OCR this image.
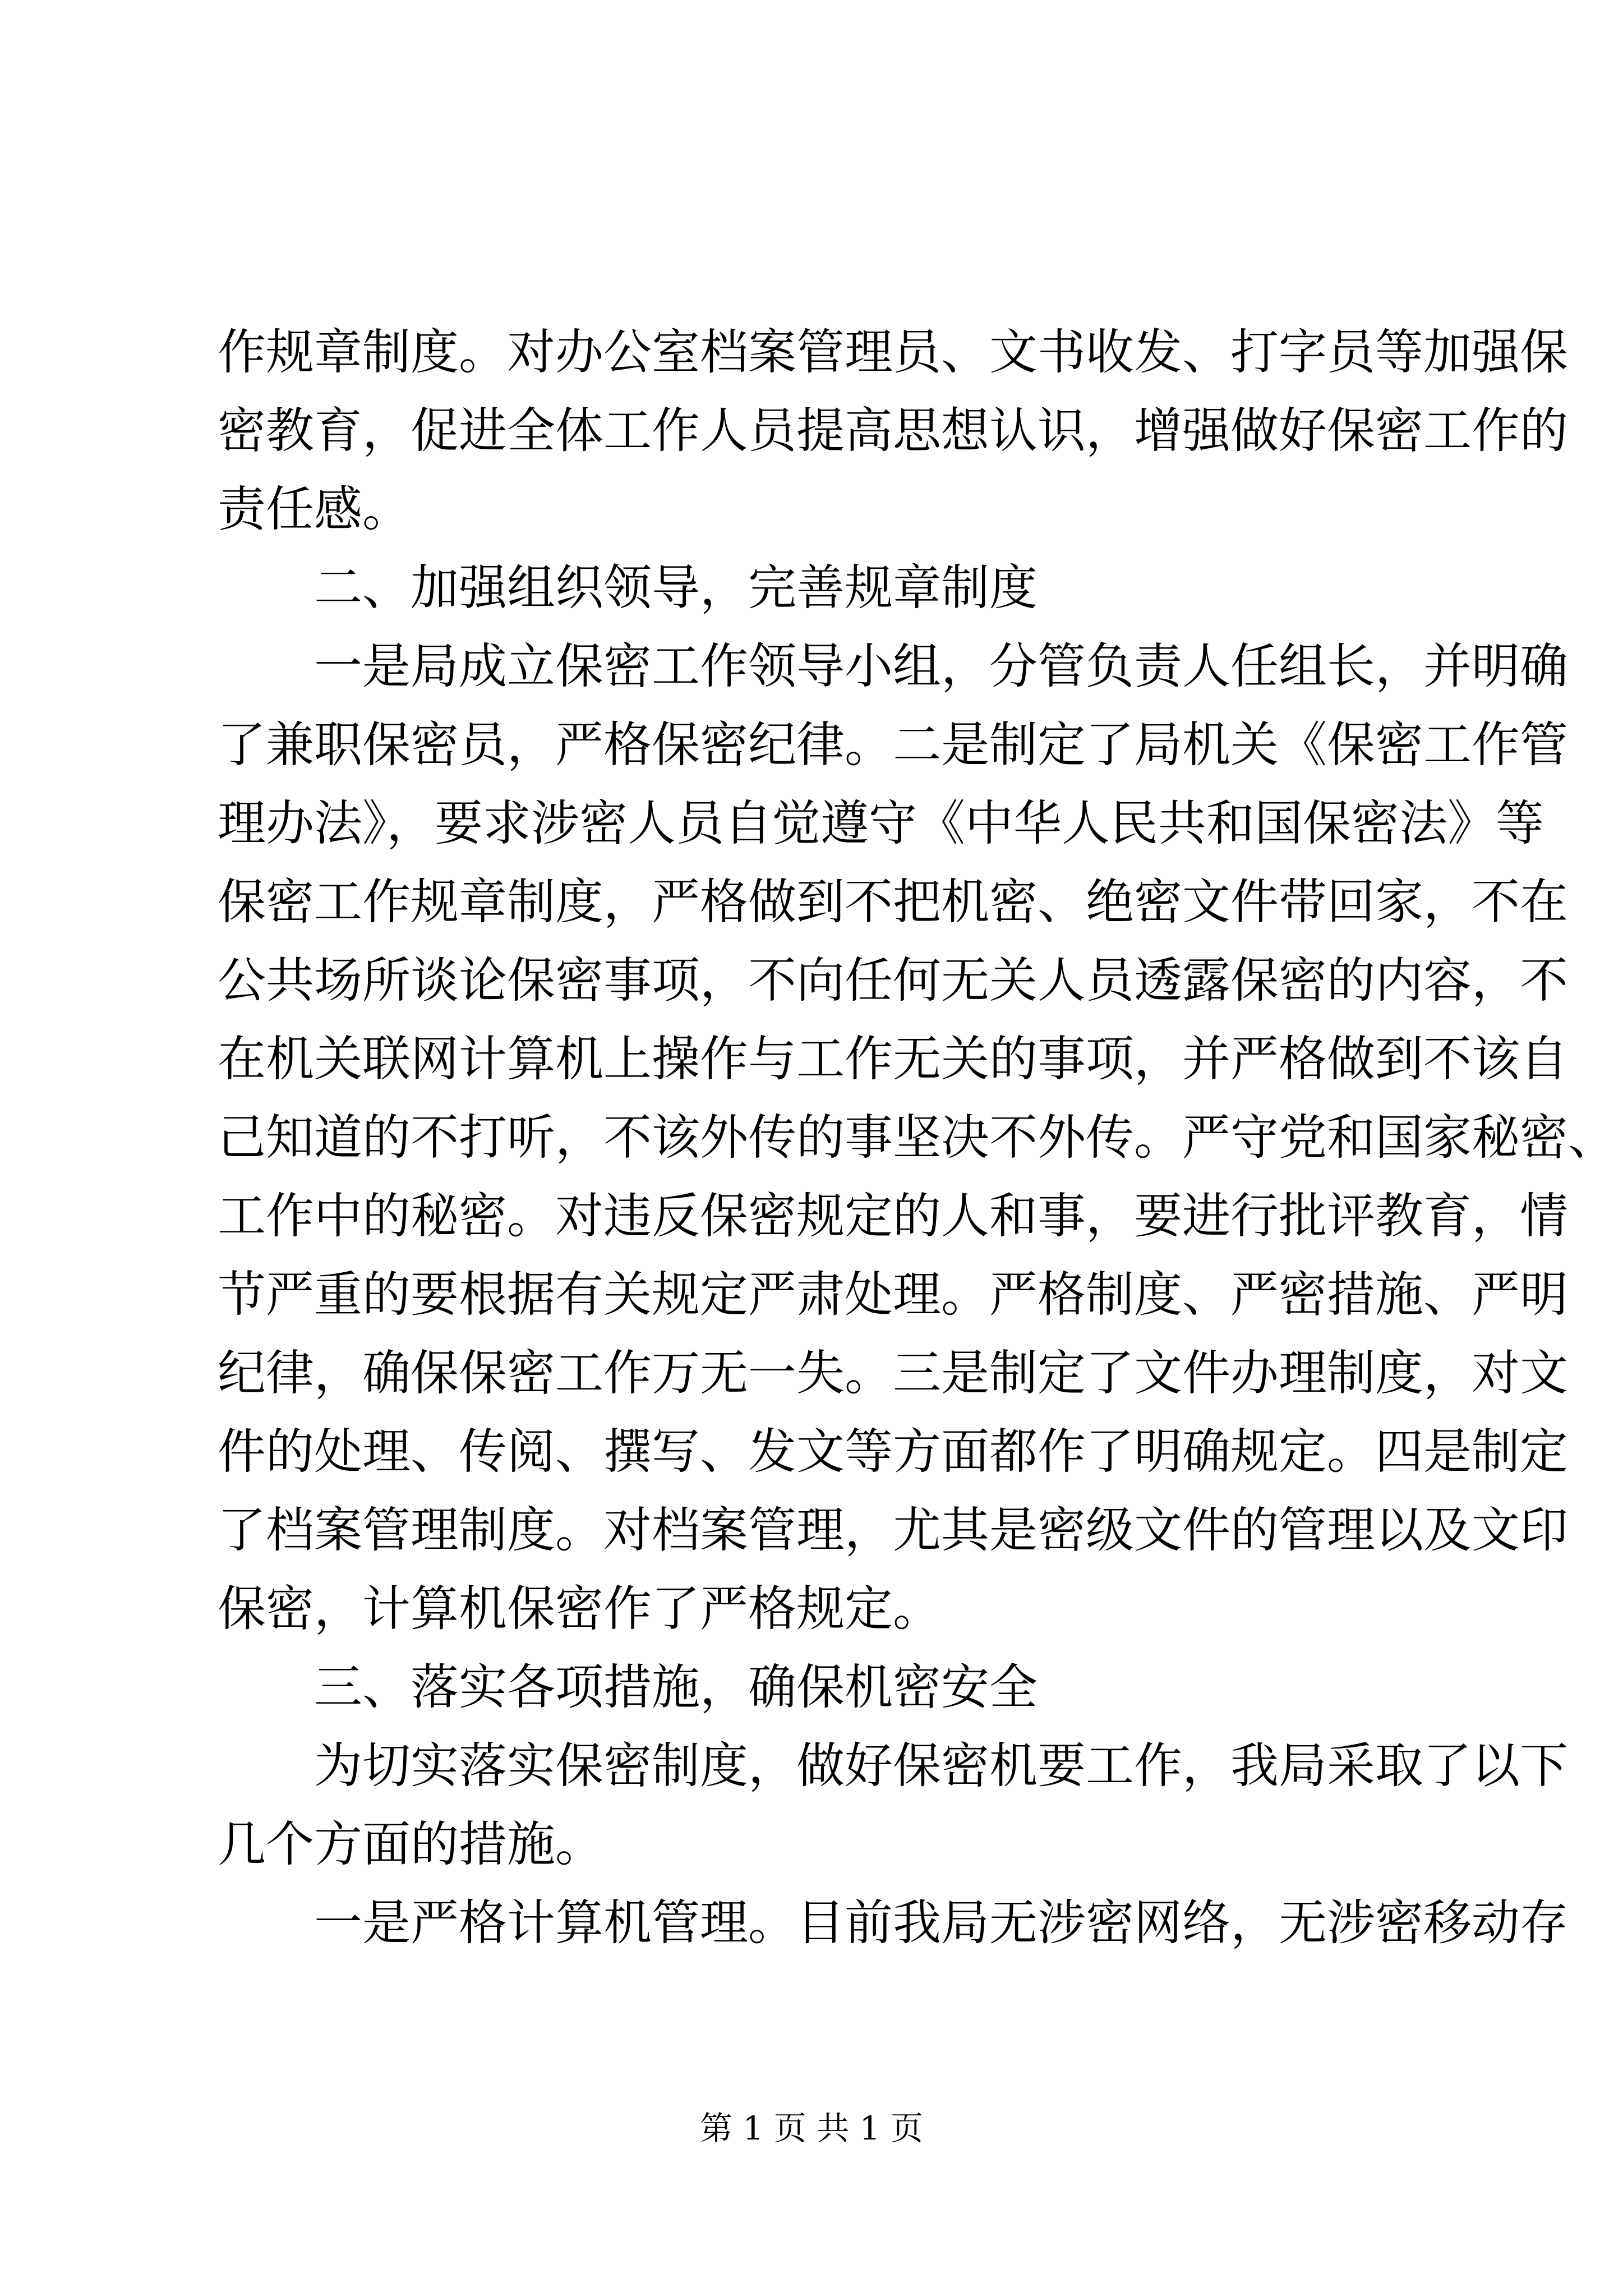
作规章制度。对办公室档案管理员、文书收发、打字员等加强保
密教育，促进全体工作人员提高思想认识，增强做好保密工作的
责任感。
　　二、加强组织领导，完善规章制度
　　一是局成立保密工作领导小组，分管负责人任组长，并明确
了兼职保密员，严格保密纪律。二是制定了局机关《保密工作管
理办法》，要求涉密人员自觉遵守《中华人民共和国保密法》等
保密工作规章制度，严格做到不把机密、绝密文件带回家，不在
公共场所谈论保密事项，不向任何无关人员透露保密的内容，不
在机关联网计算机上操作与工作无关的事项，并严格做到不该自
己知道的不打听，不该外传的事坚决不外传。严守党和国家秘密、
工作中的秘密。对违反保密规定的人和事，要进行批评教育，情
节严重的要根据有关规定严肃处理。严格制度、严密措施、严明
纪律，确保保密工作万无一失。三是制定了文件办理制度，对文
件的处理、传阅、撰写、发文等方面都作了明确规定。四是制定
了档案管理制度。对档案管理，尤其是密级文件的管理以及文印
保密，计算机保密作了严格规定。
　　三、落实各项措施，确保机密安全
　　为切实落实保密制度，做好保密机要工作，我局采取了以下
几个方面的措施。
　　一是严格计算机管理。目前我局无涉密网络，无涉密移动存
第 1 页 共 1 页
